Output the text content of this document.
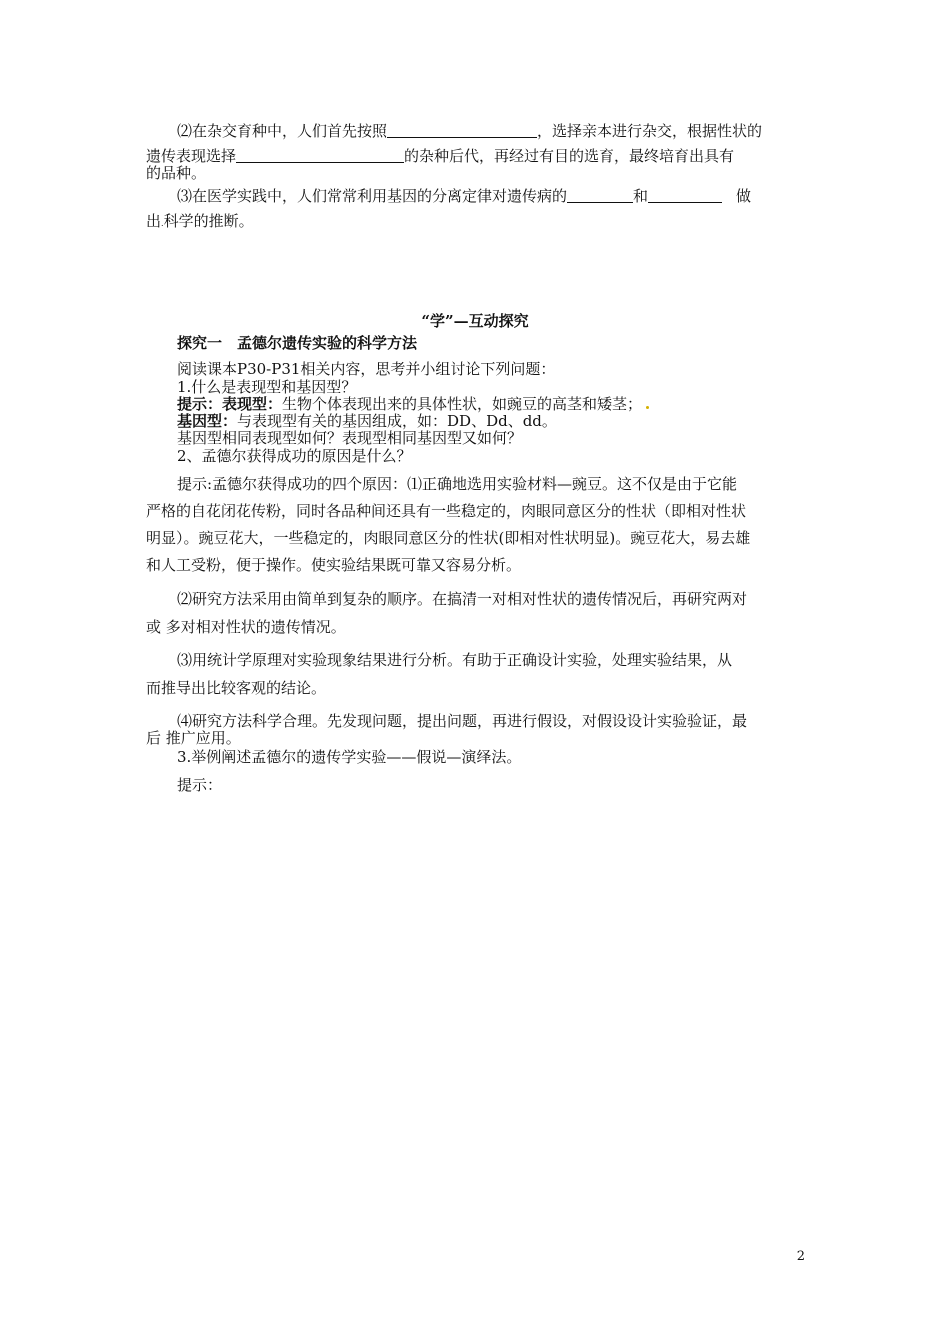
⑵在杂交育种中，人们首先按照	，选择亲本进行杂交，根据性状的
遗传表现选择	的杂种后代，再经过有目的选育，最终培育出具有
的品种。
⑶在医学实践中，人们常常利用基因的分离定律对遗传病的	和	做
出.科学的推断。
“学”—互动探究
探究一　孟德尔遗传实验的科学方法
阅读课本P30-P31相关内容，思考并小组讨论下列问题：
1.什么是表现型和基因型？
提示：表现型：生物个体表现出来的具体性状，如豌豆的高茎和矮茎；
基因型：与表现型有关的基因组成，如：DD、Dd、dd。
基因型相同表现型如何？表现型相同基因型又如何？
2、孟德尔获得成功的原因是什么？
提示:孟德尔获得成功的四个原因：⑴正确地选用实验材料—豌豆。这不仅是由于它能
严格的自花闭花传粉，同时各品种间还具有一些稳定的，肉眼同意区分的性状（即相对性状
明显）。豌豆花大，一些稳定的，肉眼同意区分的性状(即相对性状明显)。豌豆花大，易去雄
和人工受粉，便于操作。使实验结果既可靠又容易分析。
⑵研究方法采用由简单到复杂的顺序。在搞清一对相对性状的遗传情况后，再研究两对
或 多对相对性状的遗传情况。
⑶用统计学原理对实验现象结果进行分析。有助于正确设计实验，处理实验结果，从
而推导出比较客观的结论。
⑷研究方法科学合理。先发现问题，提出问题，再进行假设，对假设设计实验验证，最
后 推广应用。
3.举例阐述孟德尔的遗传学实验——假说—演绎法。
提示：
2
